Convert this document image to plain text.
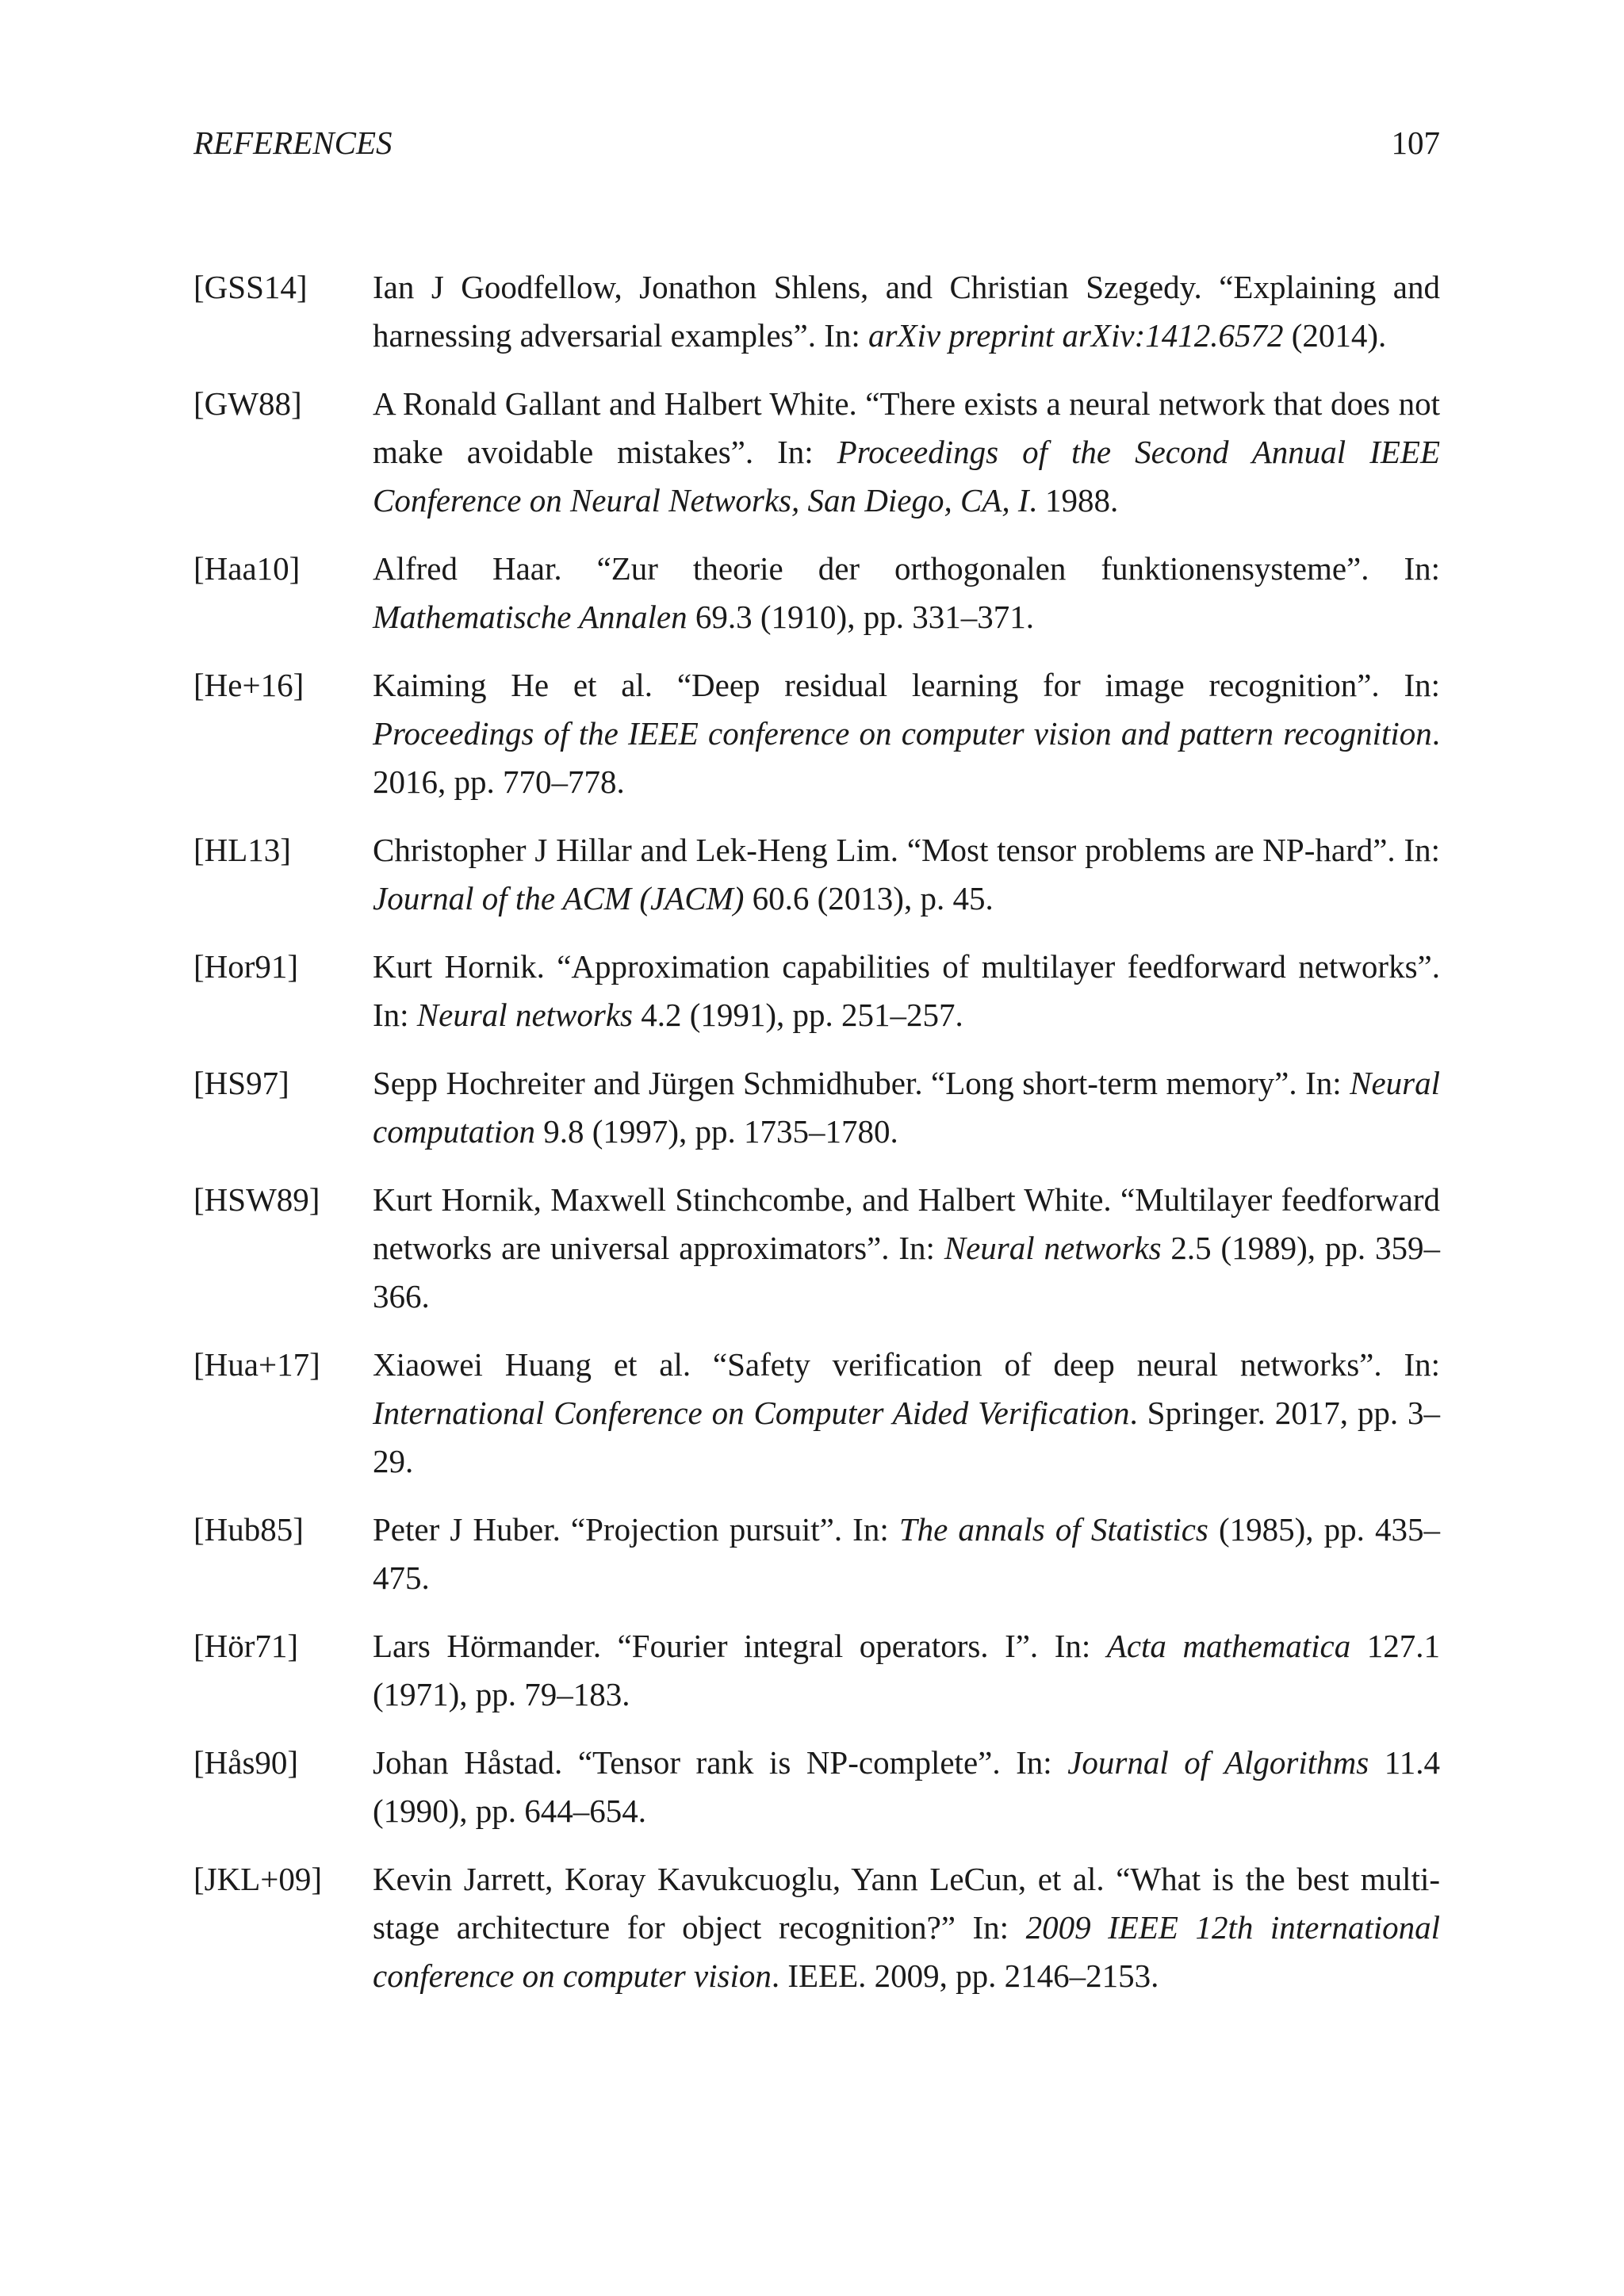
REFERENCES	107
[GSS14]	Ian J Goodfellow, Jonathon Shlens, and Christian Szegedy. “Explaining and harnessing adversarial examples”. In: arXiv preprint arXiv:1412.6572 (2014).
[GW88]	A Ronald Gallant and Halbert White. “There exists a neural network that does not make avoidable mistakes”. In: Proceedings of the Second Annual IEEE Conference on Neural Networks, San Diego, CA, I. 1988.
[Haa10]	Alfred Haar. “Zur theorie der orthogonalen funktionensysteme”. In: Mathematische Annalen 69.3 (1910), pp. 331–371.
[He+16]	Kaiming He et al. “Deep residual learning for image recognition”. In: Proceedings of the IEEE conference on computer vision and pattern recognition. 2016, pp. 770–778.
[HL13]	Christopher J Hillar and Lek-Heng Lim. “Most tensor problems are NP-hard”. In: Journal of the ACM (JACM) 60.6 (2013), p. 45.
[Hor91]	Kurt Hornik. “Approximation capabilities of multilayer feedforward networks”. In: Neural networks 4.2 (1991), pp. 251–257.
[HS97]	Sepp Hochreiter and Jürgen Schmidhuber. “Long short-term memory”. In: Neural computation 9.8 (1997), pp. 1735–1780.
[HSW89]	Kurt Hornik, Maxwell Stinchcombe, and Halbert White. “Multilayer feedforward networks are universal approximators”. In: Neural networks 2.5 (1989), pp. 359–366.
[Hua+17]	Xiaowei Huang et al. “Safety verification of deep neural networks”. In: International Conference on Computer Aided Verification. Springer. 2017, pp. 3–29.
[Hub85]	Peter J Huber. “Projection pursuit”. In: The annals of Statistics (1985), pp. 435–475.
[Hör71]	Lars Hörmander. “Fourier integral operators. I”. In: Acta mathematica 127.1 (1971), pp. 79–183.
[Hås90]	Johan Håstad. “Tensor rank is NP-complete”. In: Journal of Algorithms 11.4 (1990), pp. 644–654.
[JKL+09]	Kevin Jarrett, Koray Kavukcuoglu, Yann LeCun, et al. “What is the best multi-stage architecture for object recognition?” In: 2009 IEEE 12th international conference on computer vision. IEEE. 2009, pp. 2146–2153.
